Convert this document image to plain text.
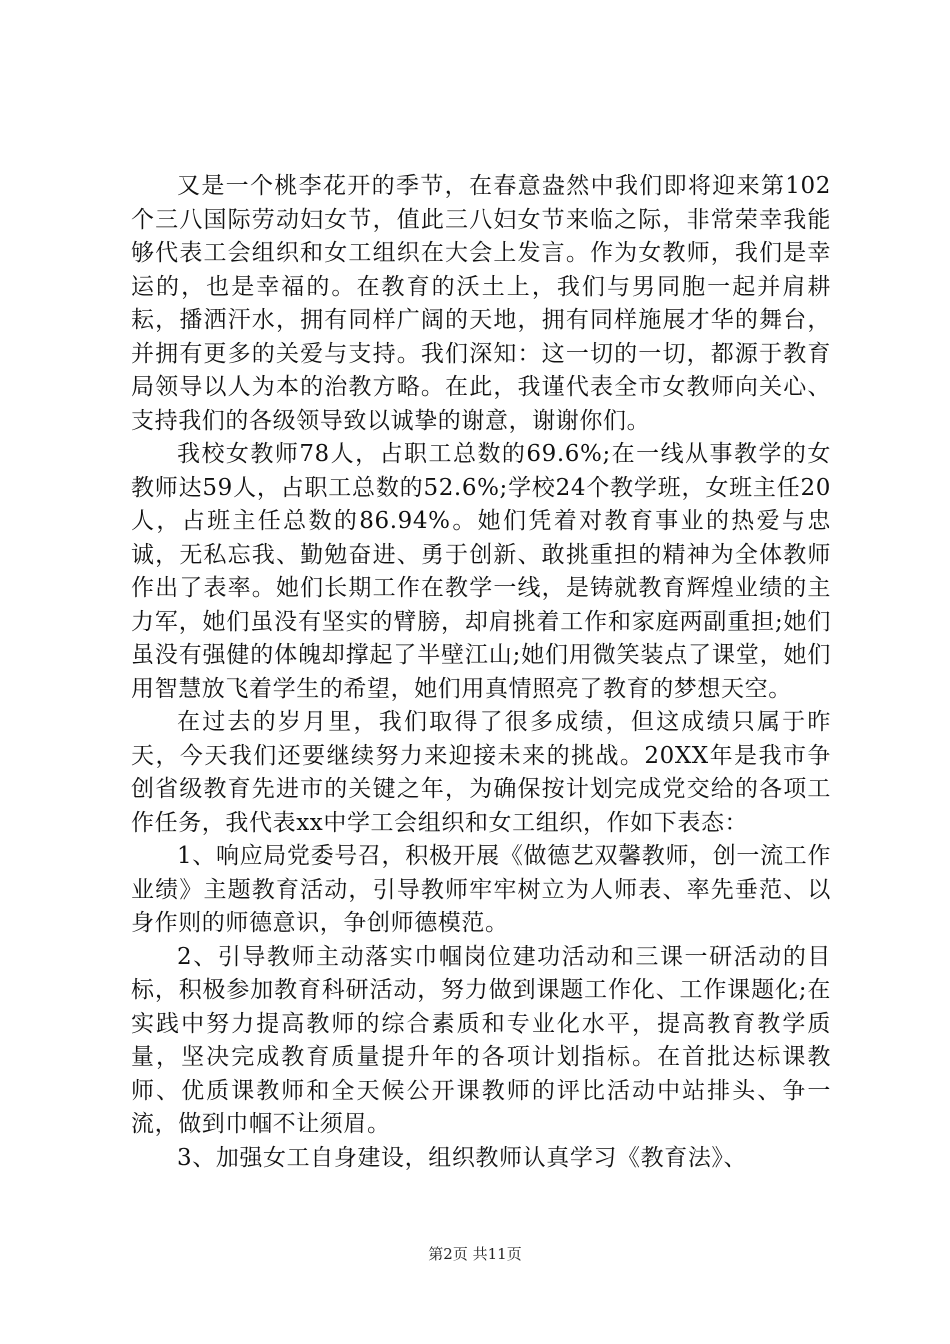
又是一个桃李花开的季节，在春意盎然中我们即将迎来第102个三八国际劳动妇女节，值此三八妇女节来临之际，非常荣幸我能够代表工会组织和女工组织在大会上发言。作为女教师，我们是幸运的，也是幸福的。在教育的沃土上，我们与男同胞一起并肩耕耘，播洒汗水，拥有同样广阔的天地，拥有同样施展才华的舞台，并拥有更多的关爱与支持。我们深知：这一切的一切，都源于教育局领导以人为本的治教方略。在此，我谨代表全市女教师向关心、支持我们的各级领导致以诚挚的谢意，谢谢你们。

我校女教师78人，占职工总数的69.6%;在一线从事教学的女教师达59人，占职工总数的52.6%;学校24个教学班，女班主任20人，占班主任总数的86.94%。她们凭着对教育事业的热爱与忠诚，无私忘我、勤勉奋进、勇于创新、敢挑重担的精神为全体教师作出了表率。她们长期工作在教学一线，是铸就教育辉煌业绩的主力军，她们虽没有坚实的臂膀，却肩挑着工作和家庭两副重担;她们虽没有强健的体魄却撑起了半壁江山;她们用微笑装点了课堂，她们用智慧放飞着学生的希望，她们用真情照亮了教育的梦想天空。

在过去的岁月里，我们取得了很多成绩，但这成绩只属于昨天，今天我们还要继续努力来迎接未来的挑战。20XX年是我市争创省级教育先进市的关键之年，为确保按计划完成党交给的各项工作任务，我代表xx中学工会组织和女工组织，作如下表态：

1、响应局党委号召，积极开展《做德艺双馨教师，创一流工作业绩》主题教育活动，引导教师牢牢树立为人师表、率先垂范、以身作则的师德意识，争创师德模范。

2、引导教师主动落实巾帼岗位建功活动和三课一研活动的目标，积极参加教育科研活动，努力做到课题工作化、工作课题化;在实践中努力提高教师的综合素质和专业化水平，提高教育教学质量，坚决完成教育质量提升年的各项计划指标。在首批达标课教师、优质课教师和全天候公开课教师的评比活动中站排头、争一流，做到巾帼不让须眉。

3、加强女工自身建设，组织教师认真学习《教育法》、

第2页 共11页
